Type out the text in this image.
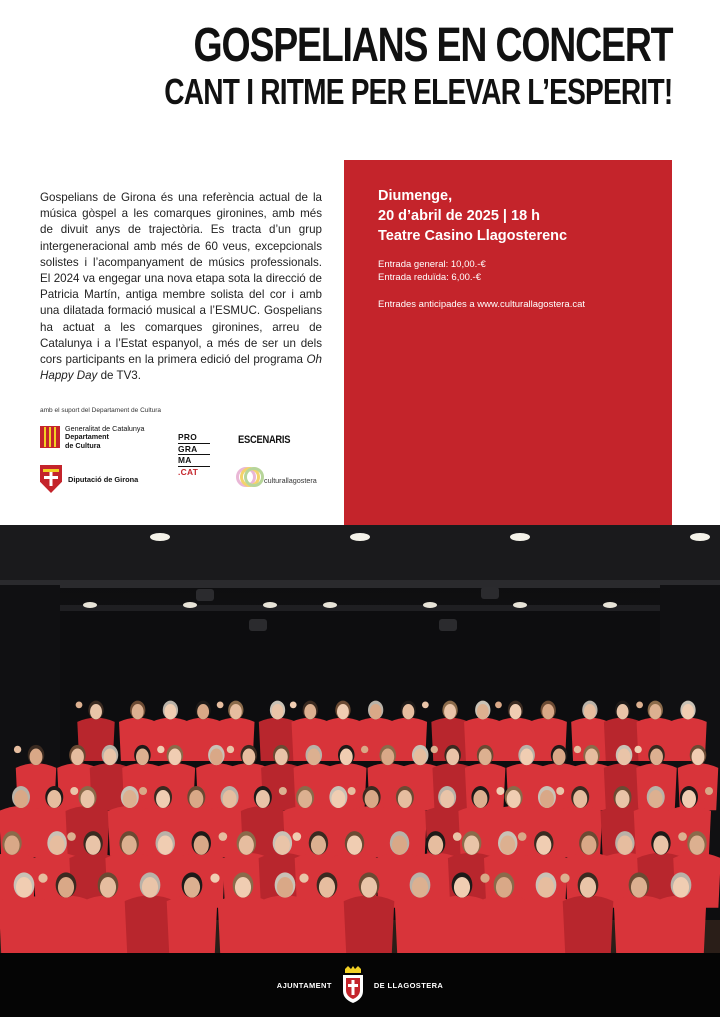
GOSPELIANS EN CONCERT
CANT I RITME PER ELEVAR L’ESPERIT!

Gospelians de Girona és una referència actual de la música gòspel a les comarques gironines, amb més de divuit anys de trajectòria. Es tracta d’un grup intergeneracional amb més de 60 veus, excepcionals solistes i l’acompanyament de músics professionals. El 2024 va engegar una nova etapa sota la direcció de Patricia Martín, antiga membre solista del cor i amb una dilatada formació musical a l’ESMUC. Gospelians ha actuat a les comarques gironines, arreu de Catalunya i a l’Estat espanyol, a més de ser un dels cors participants en la primera edició del programa Oh Happy Day de TV3.

Diumenge,
20 d’abril de 2025 | 18 h
Teatre Casino Llagosterenc
Entrada general: 10,00.-€
Entrada reduïda: 6,00.-€
Entrades anticipades a www.culturallagostera.cat
amb el suport del Departament de Cultura
Generalitat de Catalunya
Departament
de Cultura
Diputació de Girona
PRO
GRA
MA
.CAT
ESCENARIS
culturallagostera
AJUNTAMENT	DE LLAGOSTERA
